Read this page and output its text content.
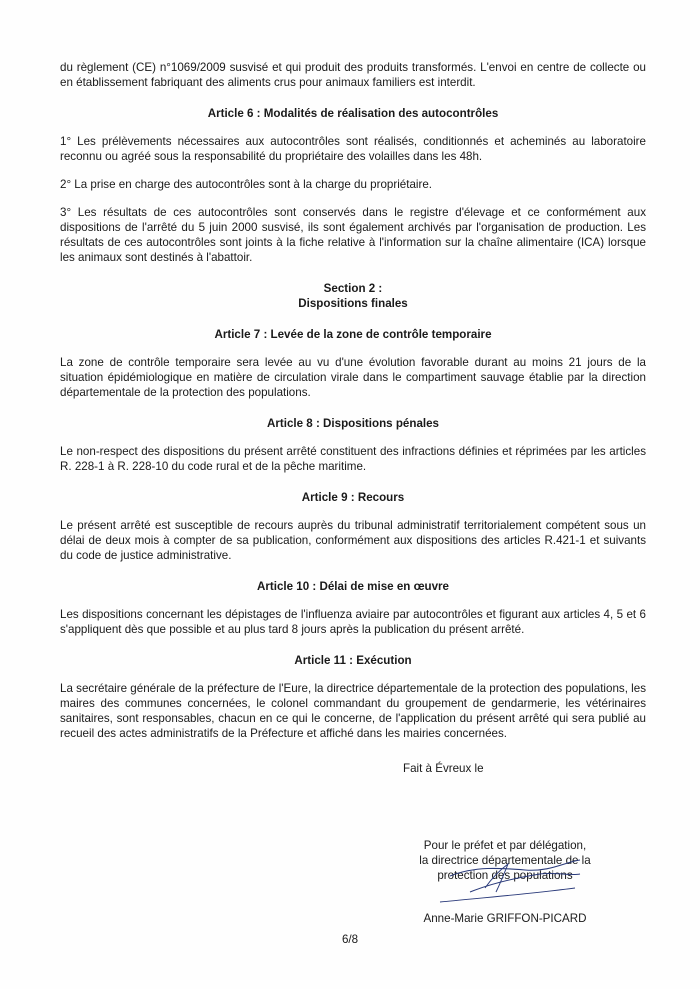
du règlement (CE) n°1069/2009 susvisé et qui produit des produits transformés. L'envoi en centre de collecte ou en établissement fabriquant des aliments crus pour animaux familiers est interdit.

Article 6 : Modalités de réalisation des autocontrôles

1° Les prélèvements nécessaires aux autocontrôles sont réalisés, conditionnés et acheminés au laboratoire reconnu ou agréé sous la responsabilité du propriétaire des volailles dans les 48h.

2° La prise en charge des autocontrôles sont à la charge du propriétaire.

3° Les résultats de ces autocontrôles sont conservés dans le registre d'élevage et ce conformément aux dispositions de l'arrêté du 5 juin 2000 susvisé, ils sont également archivés par l'organisation de production. Les résultats de ces autocontrôles sont joints à la fiche relative à l'information sur la chaîne alimentaire (ICA) lorsque les animaux sont destinés à l'abattoir.

Section 2 :
Dispositions finales
Article 7 : Levée de la zone de contrôle temporaire

La zone de contrôle temporaire sera levée au vu d'une évolution favorable durant au moins 21 jours de la situation épidémiologique en matière de circulation virale dans le compartiment sauvage établie par la direction départementale de la protection des populations.

Article 8 : Dispositions pénales

Le non-respect des dispositions du présent arrêté constituent des infractions définies et réprimées par les articles R. 228-1 à R. 228-10 du code rural et de la pêche maritime.

Article 9 : Recours

Le présent arrêté est susceptible de recours auprès du tribunal administratif territorialement compétent sous un délai de deux mois à compter de sa publication, conformément aux dispositions des articles R.421-1 et suivants du code de justice administrative.

Article 10 : Délai de mise en œuvre

Les dispositions concernant les dépistages de l'influenza aviaire par autocontrôles et figurant aux articles 4, 5 et 6 s'appliquent dès que possible et au plus tard 8 jours après la publication du présent arrêté.

Article 11 : Exécution

La secrétaire générale de la préfecture de l'Eure, la directrice départementale de la protection des populations, les maires des communes concernées, le colonel commandant du groupement de gendarmerie, les vétérinaires sanitaires, sont responsables, chacun en ce qui le concerne, de l'application du présent arrêté qui sera publié au recueil des actes administratifs de la Préfecture et affiché dans les mairies concernées.

Fait à Évreux le
Pour le préfet et par délégation,
la directrice départementale de la
protection des populations
Anne-Marie GRIFFON-PICARD
6/8
